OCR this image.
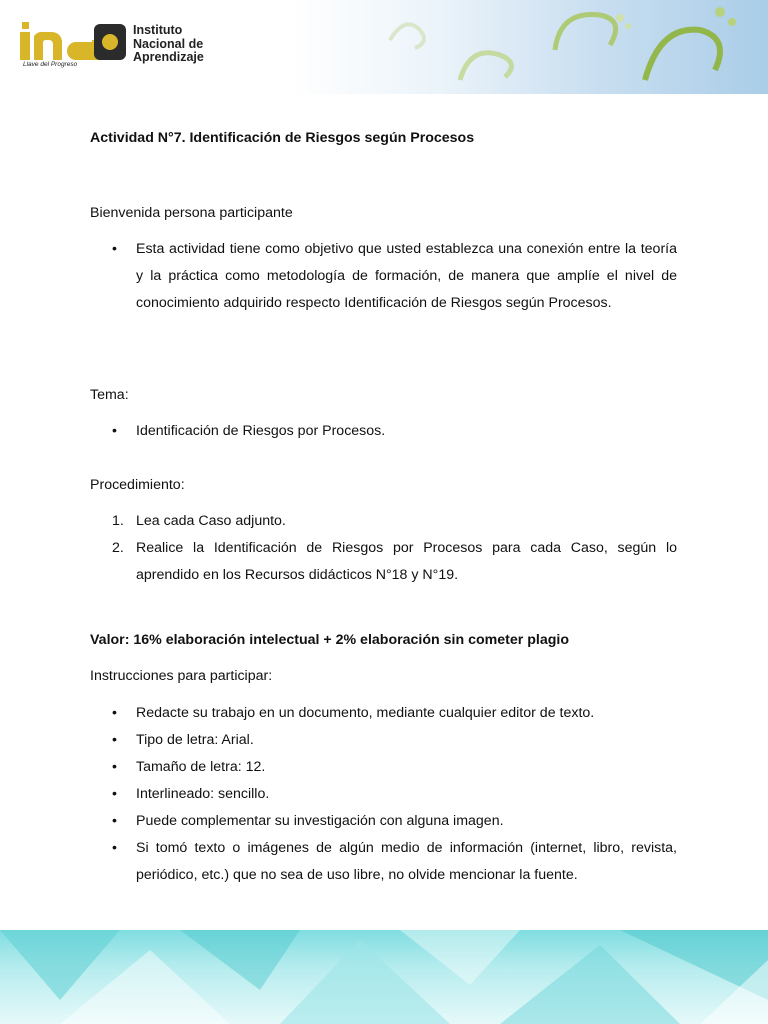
ina
Llave del Progreso
Instituto
Nacional de
Aprendizaje
Actividad N°7. Identificación de Riesgos según Procesos
Bienvenida persona participante
• Esta actividad tiene como objetivo que usted establezca una conexión entre la teoría y la práctica como metodología de formación, de manera que amplíe el nivel de conocimiento adquirido respecto Identificación de Riesgos según Procesos.
Tema:
• Identificación de Riesgos por Procesos.
Procedimiento:
1. Lea cada Caso adjunto.
2. Realice la Identificación de Riesgos por Procesos para cada Caso, según lo aprendido en los Recursos didácticos N°18 y N°19.
Valor: 16% elaboración intelectual + 2% elaboración sin cometer plagio
Instrucciones para participar:
• Redacte su trabajo en un documento, mediante cualquier editor de texto.
• Tipo de letra: Arial.
• Tamaño de letra: 12.
• Interlineado: sencillo.
• Puede complementar su investigación con alguna imagen.
• Si tomó texto o imágenes de algún medio de información (internet, libro, revista, periódico, etc.) que no sea de uso libre, no olvide mencionar la fuente.
